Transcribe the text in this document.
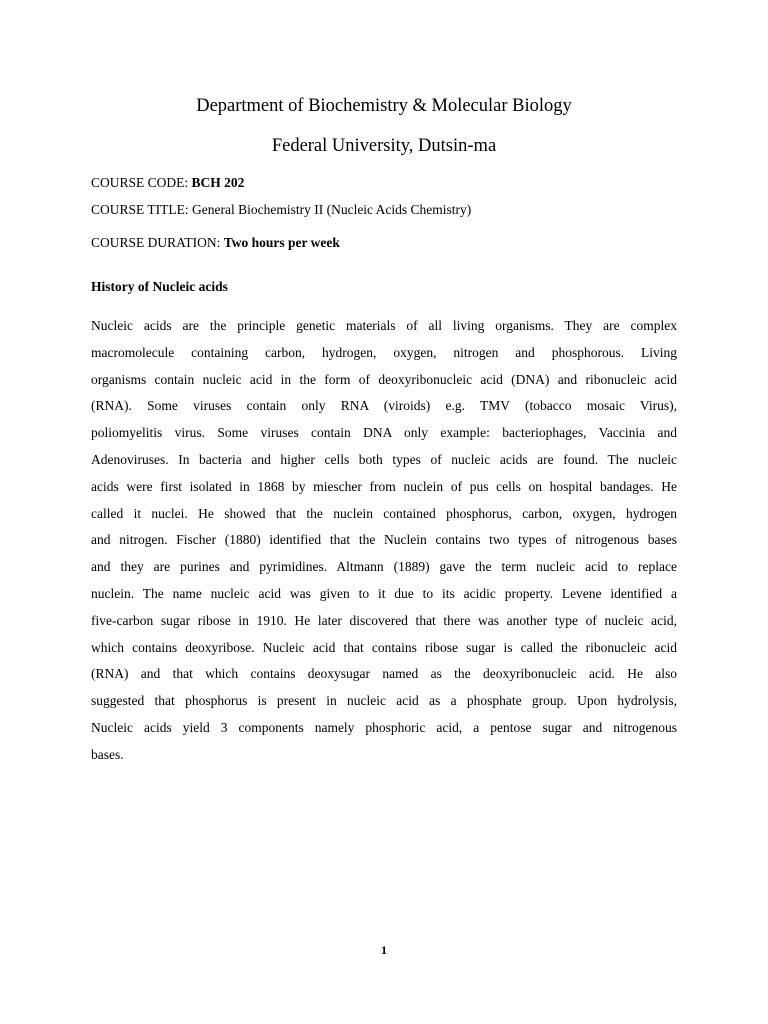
Department of Biochemistry & Molecular Biology
Federal University, Dutsin-ma

COURSE CODE: BCH 202

COURSE TITLE: General Biochemistry II (Nucleic Acids Chemistry)

COURSE DURATION: Two hours per week

History of Nucleic acids
Nucleic acids are the principle genetic materials of all living organisms. They are complex
macromolecule containing carbon, hydrogen, oxygen, nitrogen and phosphorous. Living
organisms contain nucleic acid in the form of deoxyribonucleic acid (DNA) and ribonucleic acid
(RNA). Some viruses contain only RNA (viroids) e.g. TMV (tobacco mosaic Virus),
poliomyelitis virus. Some viruses contain DNA only example: bacteriophages, Vaccinia and
Adenoviruses. In bacteria and higher cells both types of nucleic acids are found. The nucleic
acids were first isolated in 1868 by miescher from nuclein of pus cells on hospital bandages. He
called it nuclei. He showed that the nuclein contained phosphorus, carbon, oxygen, hydrogen
and nitrogen. Fischer (1880) identified that the Nuclein contains two types of nitrogenous bases
and they are purines and pyrimidines. Altmann (1889) gave the term nucleic acid to replace
nuclein. The name nucleic acid was given to it due to its acidic property. Levene identified a
five-carbon sugar ribose in 1910. He later discovered that there was another type of nucleic acid,
which contains deoxyribose. Nucleic acid that contains ribose sugar is called the ribonucleic acid
(RNA) and that which contains deoxysugar named as the deoxyribonucleic acid. He also
suggested that phosphorus is present in nucleic acid as a phosphate group. Upon hydrolysis,
Nucleic acids yield 3 components namely phosphoric acid, a pentose sugar and nitrogenous
bases.

1
